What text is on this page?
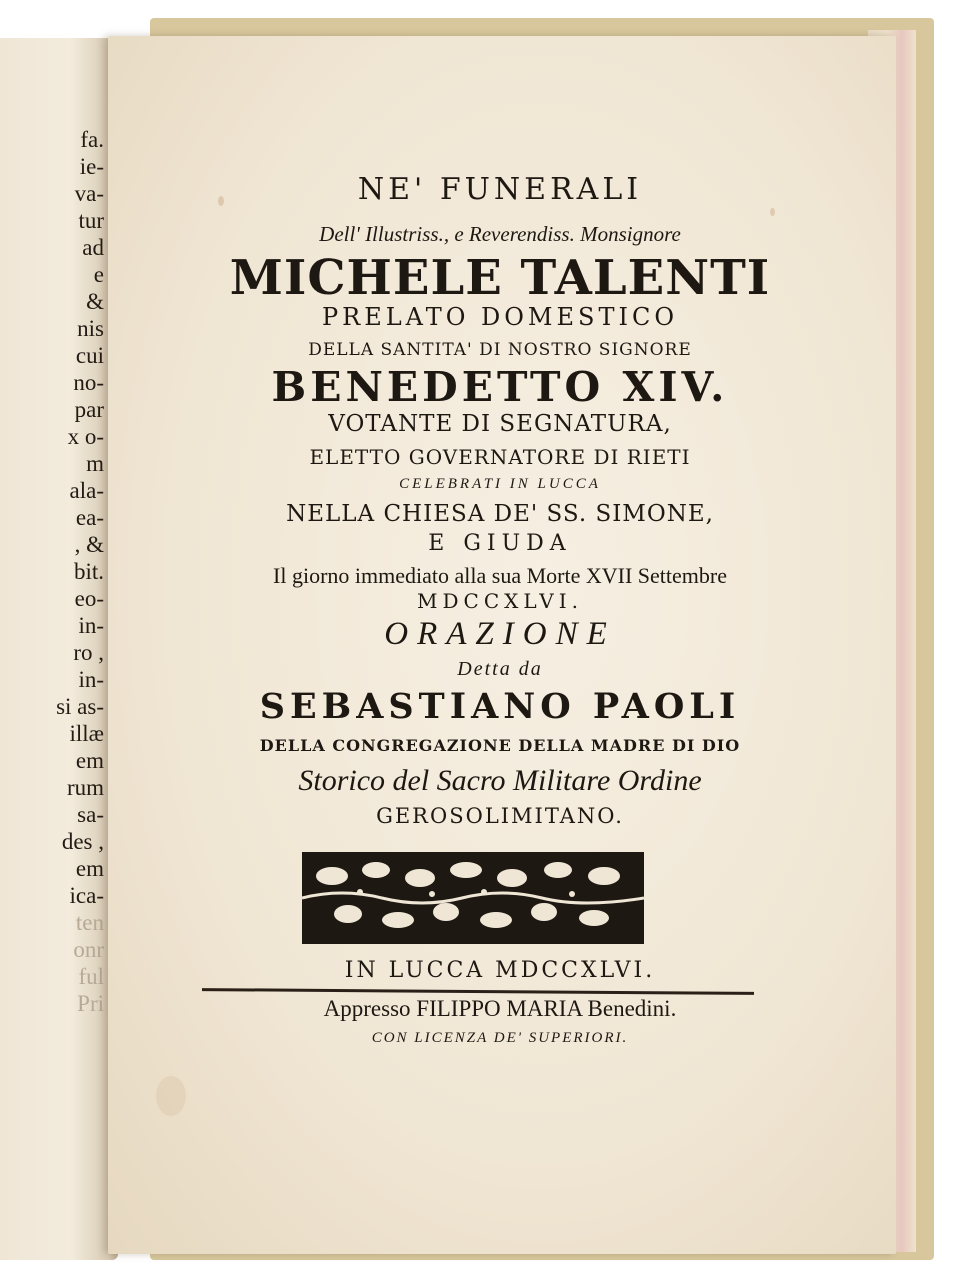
fa.
ie-
va-
tur
ad
e
&
nis
cui
no-
par
x o-
m
ala-
ea-
, &
bit.
eo-
in-
ro ,
in-
si as-
illæ
em
rum
sa-
des ,
em
ica-
ten
onr
ful
Pri

NE' FUNERALI

Dell' Illustriss., e Reverendiss. Monsignore

MICHELE TALENTI

PRELATO DOMESTICO

DELLA SANTITA' DI NOSTRO SIGNORE

BENEDETTO XIV.

VOTANTE DI SEGNATURA,

ELETTO GOVERNATORE DI RIETI

CELEBRATI IN LUCCA

NELLA CHIESA DE' SS. SIMONE,

E GIUDA

Il giorno immediato alla sua Morte XVII Settembre

MDCCXLVI.

ORAZIONE

Detta da

SEBASTIANO PAOLI

DELLA CONGREGAZIONE DELLA MADRE DI DIO

Storico del Sacro Militare Ordine

GEROSOLIMITANO.

IN LUCCA MDCCXLVI.

Appresso FILIPPO MARIA Benedini.

CON LICENZA DE' SUPERIORI.
